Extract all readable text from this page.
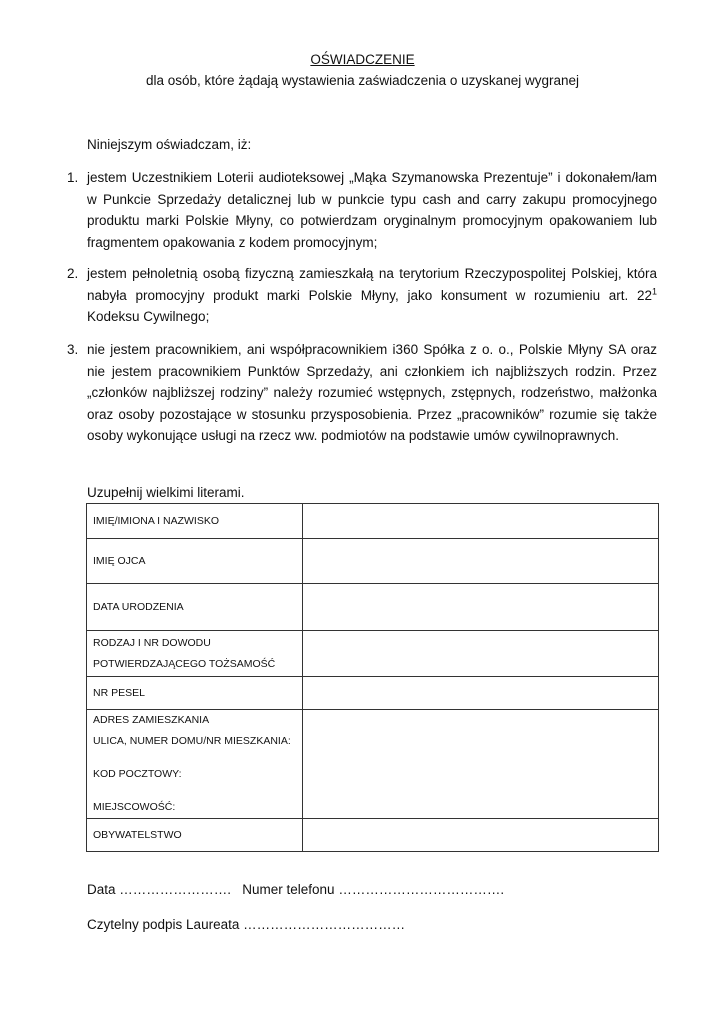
OŚWIADCZENIE
dla osób, które żądają wystawienia zaświadczenia o uzyskanej wygranej
Niniejszym oświadczam, iż:
1. jestem Uczestnikiem Loterii audioteksowej „Mąka Szymanowska Prezentuje” i dokonałem/łam w Punkcie Sprzedaży detalicznej lub w punkcie typu cash and carry zakupu promocyjnego produktu marki Polskie Młyny, co potwierdzam oryginalnym promocyjnym opakowaniem lub fragmentem opakowania z kodem promocyjnym;
2. jestem pełnoletnią osobą fizyczną zamieszkałą na terytorium Rzeczypospolitej Polskiej, która nabyła promocyjny produkt marki Polskie Młyny, jako konsument w rozumieniu art. $22^1$ Kodeksu Cywilnego;
3. nie jestem pracownikiem, ani współpracownikiem i360 Spółka z o. o., Polskie Młyny SA oraz nie jestem pracownikiem Punktów Sprzedaży, ani członkiem ich najbliższych rodzin. Przez „członków najbliższej rodziny” należy rozumieć wstępnych, zstępnych, rodzeństwo, małżonka oraz osoby pozostające w stosunku przysposobienia. Przez „pracowników” rozumie się także osoby wykonujące usługi na rzecz ww. podmiotów na podstawie umów cywilnoprawnych.
Uzupełnij wielkimi literami.
IMIĘ/IMIONA I NAZWISKO	
IMIĘ OJCA	
DATA URODZENIA	

RODZAJ I NR DOWODU
POTWIERDZAJĄCEGO TOŻSAMOŚĆ	

NR PESEL	

ADRES ZAMIESZKANIA
ULICA, NUMER DOMU/NR MIESZKANIA:
KOD POCZTOWY:
MIEJSCOWOŚĆ:	

OBYWATELSTWO	
Data …………………….   Numer telefonu ……………………………….
Czytelny podpis Laureata ………………………………
